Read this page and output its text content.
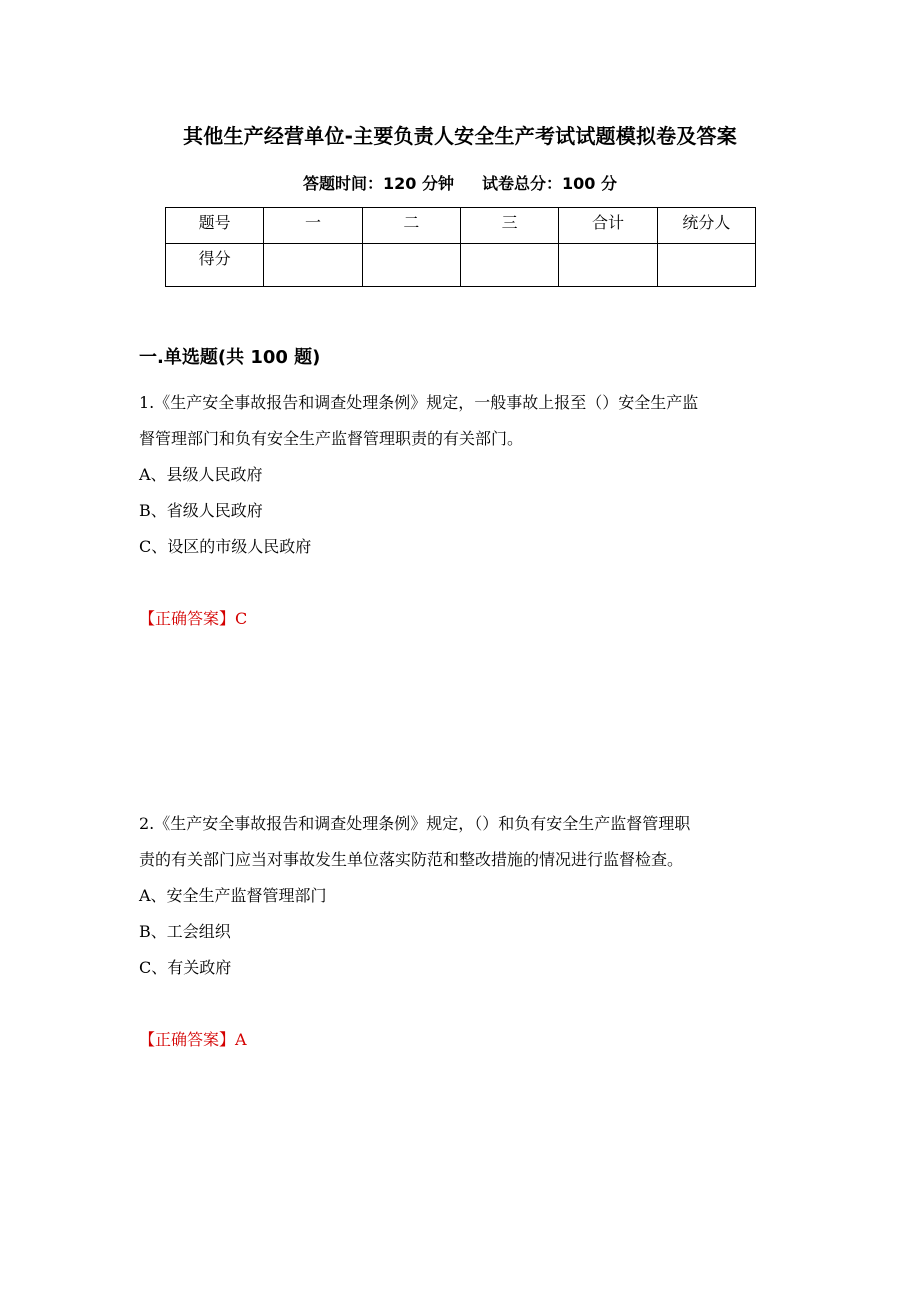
其他生产经营单位-主要负责人安全生产考试试题模拟卷及答案
答题时间：120 分钟 试卷总分：100 分
题号	一	二	三	合计	统分人
得分					
一.单选题(共 100 题)

1.《生产安全事故报告和调查处理条例》规定，一般事故上报至（）安全生产监

督管理部门和负有安全生产监督管理职责的有关部门。

A、县级人民政府

B、省级人民政府

C、设区的市级人民政府

【正确答案】C

2.《生产安全事故报告和调查处理条例》规定，（）和负有安全生产监督管理职

责的有关部门应当对事故发生单位落实防范和整改措施的情况进行监督检查。

A、安全生产监督管理部门

B、工会组织

C、有关政府

【正确答案】A
